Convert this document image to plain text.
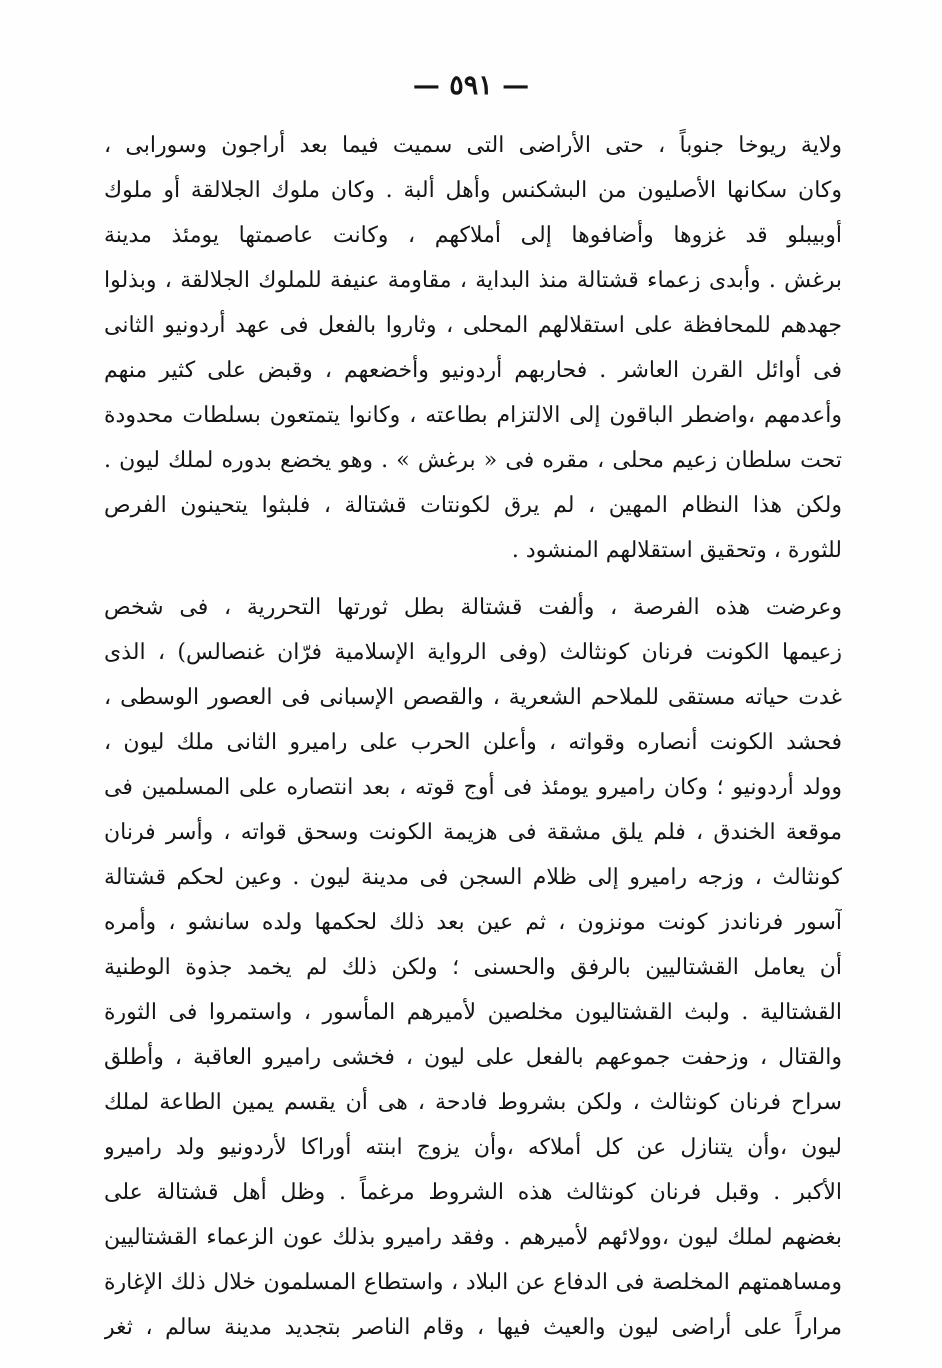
— ٥٩١ —
ولاية ريوخا جنوباً ، حتى الأراضى التى سميت فيما بعد أراجون وسورابى ،
وكان سكانها الأصليون من البشكنس وأهل ألبة . وكان ملوك الجلالقة أو ملوك
أوبيبلو قد غزوها وأضافوها إلى أملاكهم ، وكانت عاصمتها يومئذ مدينة
برغش . وأبدى زعماء قشتالة منذ البداية ، مقاومة عنيفة للملوك الجلالقة ، وبذلوا
جهدهم للمحافظة على استقلالهم المحلى ، وثاروا بالفعل فى عهد أردونيو الثانى
فى أوائل القرن العاشر . فحاربهم أردونيو وأخضعهم ، وقبض على كثير منهم
وأعدمهم ،واضطر الباقون إلى الالتزام بطاعته ، وكانوا يتمتعون بسلطات محدودة
تحت سلطان زعيم محلى ، مقره فى « برغش » . وهو يخضع بدوره لملك ليون .
ولكن هذا النظام المهين ، لم يرق لكونتات قشتالة ، فلبثوا يتحينون الفرص
للثورة ، وتحقيق استقلالهم المنشود .
وعرضت هذه الفرصة ، وألفت قشتالة بطل ثورتها التحررية ، فى شخص
زعيمها الكونت فرنان كونثالث (وفى الرواية الإسلامية فرّان غنصالس) ، الذى
غدت حياته مستقى للملاحم الشعرية ، والقصص الإسبانى فى العصور الوسطى ،
فحشد الكونت أنصاره وقواته ، وأعلن الحرب على راميرو الثانى ملك ليون ،
وولد أردونيو ؛ وكان راميرو يومئذ فى أوج قوته ، بعد انتصاره على المسلمين فى
موقعة الخندق ، فلم يلق مشقة فى هزيمة الكونت وسحق قواته ، وأسر فرنان
كونثالث ، وزجه راميرو إلى ظلام السجن فى مدينة ليون . وعين لحكم قشتالة
آسور فرناندز كونت مونزون ، ثم عين بعد ذلك لحكمها ولده سانشو ، وأمره
أن يعامل القشتاليين بالرفق والحسنى ؛ ولكن ذلك لم يخمد جذوة الوطنية
القشتالية . ولبث القشتاليون مخلصين لأميرهم المأسور ، واستمروا فى الثورة
والقتال ، وزحفت جموعهم بالفعل على ليون ، فخشى راميرو العاقبة ، وأطلق
سراح فرنان كونثالث ، ولكن بشروط فادحة ، هى أن يقسم يمين الطاعة لملك
ليون ،وأن يتنازل عن كل أملاكه ،وأن يزوج ابنته أوراكا لأردونيو ولد راميرو
الأكبر . وقبل فرنان كونثالث هذه الشروط مرغماً . وظل أهل قشتالة على
بغضهم لملك ليون ،وولائهم لأميرهم . وفقد راميرو بذلك عون الزعماء القشتاليين
ومساهمتهم المخلصة فى الدفاع عن البلاد ، واستطاع المسلمون خلال ذلك الإغارة
مراراً على أراضى ليون والعيث فيها ، وقام الناصر بتجديد مدينة سالم ، ثغر
